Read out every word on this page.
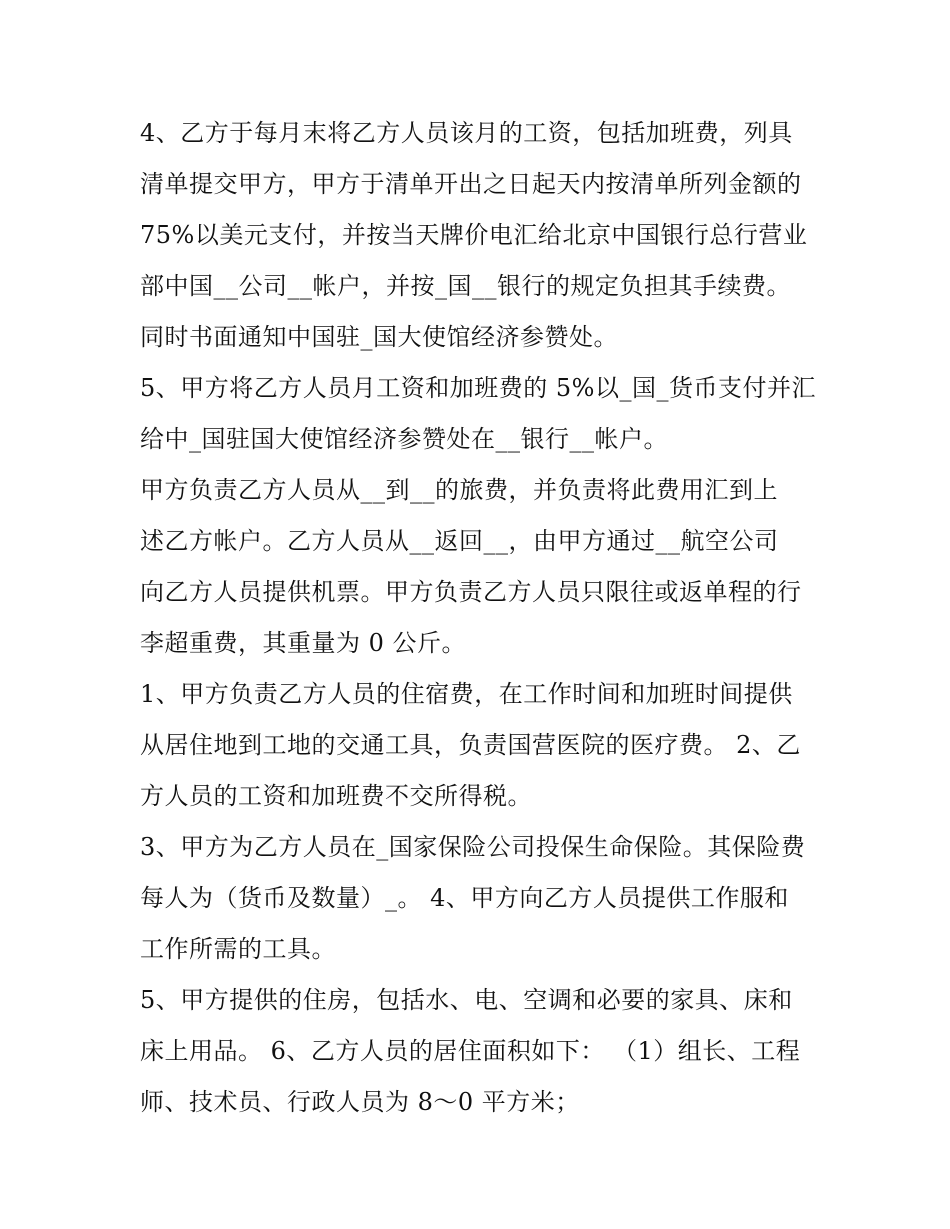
4、乙方于每月末将乙方人员该月的工资，包括加班费，列具
清单提交甲方，甲方于清单开出之日起天内按清单所列金额的
75%以美元支付，并按当天牌价电汇给北京中国银行总行营业
部中国__公司__帐户，并按_国__银行的规定负担其手续费。
同时书面通知中国驻_国大使馆经济参赞处。
5、甲方将乙方人员月工资和加班费的 5%以_国_货币支付并汇
给中_国驻国大使馆经济参赞处在__银行__帐户。
甲方负责乙方人员从__到__的旅费，并负责将此费用汇到上
述乙方帐户。乙方人员从__返回__，由甲方通过__航空公司
向乙方人员提供机票。甲方负责乙方人员只限往或返单程的行
李超重费，其重量为 0 公斤。
1、甲方负责乙方人员的住宿费，在工作时间和加班时间提供
从居住地到工地的交通工具，负责国营医院的医疗费。 2、乙
方人员的工资和加班费不交所得税。
3、甲方为乙方人员在_国家保险公司投保生命保险。其保险费
每人为（货币及数量）_。 4、甲方向乙方人员提供工作服和
工作所需的工具。
5、甲方提供的住房，包括水、电、空调和必要的家具、床和
床上用品。 6、乙方人员的居住面积如下： （1）组长、工程
师、技术员、行政人员为 8～0 平方米；
